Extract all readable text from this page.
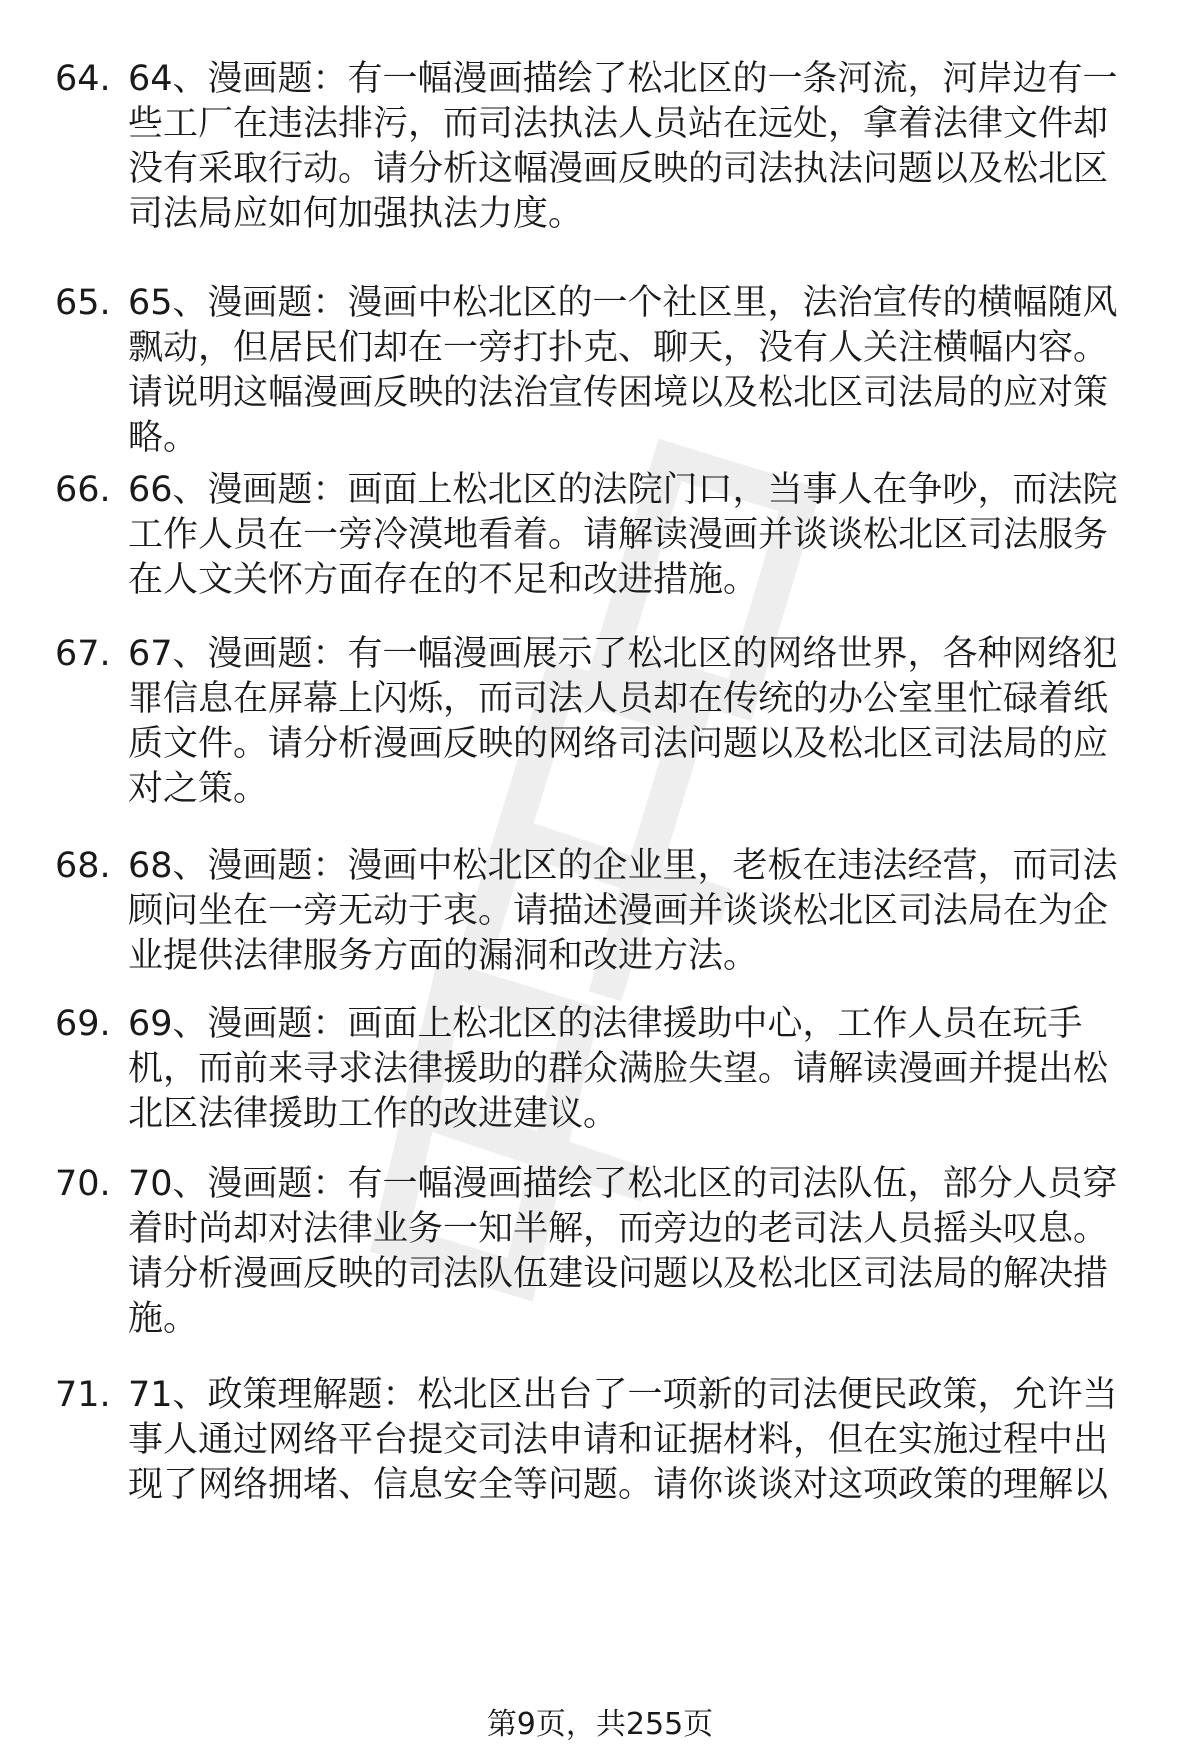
64. 64、漫画题：有一幅漫画描绘了松北区的一条河流，河岸边有一
些工厂在违法排污，而司法执法人员站在远处，拿着法律文件却
没有采取行动。请分析这幅漫画反映的司法执法问题以及松北区
司法局应如何加强执法力度。
65. 65、漫画题：漫画中松北区的一个社区里，法治宣传的横幅随风
飘动，但居民们却在一旁打扑克、聊天，没有人关注横幅内容。
请说明这幅漫画反映的法治宣传困境以及松北区司法局的应对策
略。
66. 66、漫画题：画面上松北区的法院门口，当事人在争吵，而法院
工作人员在一旁冷漠地看着。请解读漫画并谈谈松北区司法服务
在人文关怀方面存在的不足和改进措施。
67. 67、漫画题：有一幅漫画展示了松北区的网络世界，各种网络犯
罪信息在屏幕上闪烁，而司法人员却在传统的办公室里忙碌着纸
质文件。请分析漫画反映的网络司法问题以及松北区司法局的应
对之策。
68. 68、漫画题：漫画中松北区的企业里，老板在违法经营，而司法
顾问坐在一旁无动于衷。请描述漫画并谈谈松北区司法局在为企
业提供法律服务方面的漏洞和改进方法。
69. 69、漫画题：画面上松北区的法律援助中心，工作人员在玩手
机，而前来寻求法律援助的群众满脸失望。请解读漫画并提出松
北区法律援助工作的改进建议。
70. 70、漫画题：有一幅漫画描绘了松北区的司法队伍，部分人员穿
着时尚却对法律业务一知半解，而旁边的老司法人员摇头叹息。
请分析漫画反映的司法队伍建设问题以及松北区司法局的解决措
施。
71. 71、政策理解题：松北区出台了一项新的司法便民政策，允许当
事人通过网络平台提交司法申请和证据材料，但在实施过程中出
现了网络拥堵、信息安全等问题。请你谈谈对这项政策的理解以
第9页，共255页
